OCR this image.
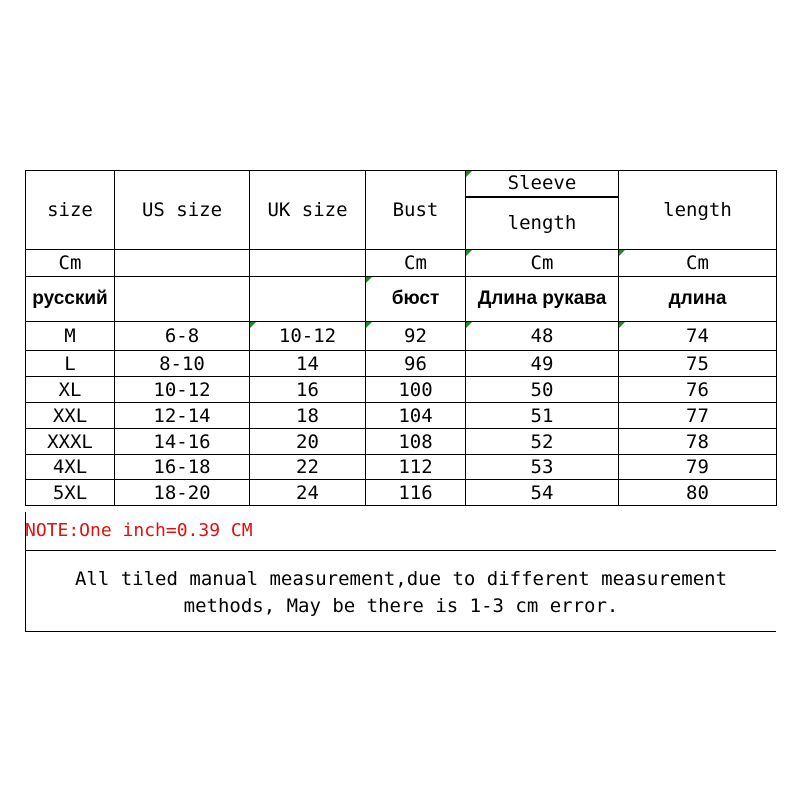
size	US size	UK size	Bust	Sleeve	length
				length	
Cm			Cm	Cm	Cm
русский			бюст	Длина рукава	длина
M	6-8	10-12	92	48	74
L	8-10	14	96	49	75
XL	10-12	16	100	50	76
XXL	12-14	18	104	51	77
XXXL	14-16	20	108	52	78
4XL	16-18	22	112	53	79
5XL	18-20	24	116	54	80
NOTE:One inch=0.39 CM
All tiled manual measurement,due to different measurement
methods, May be there is 1-3 cm error.
